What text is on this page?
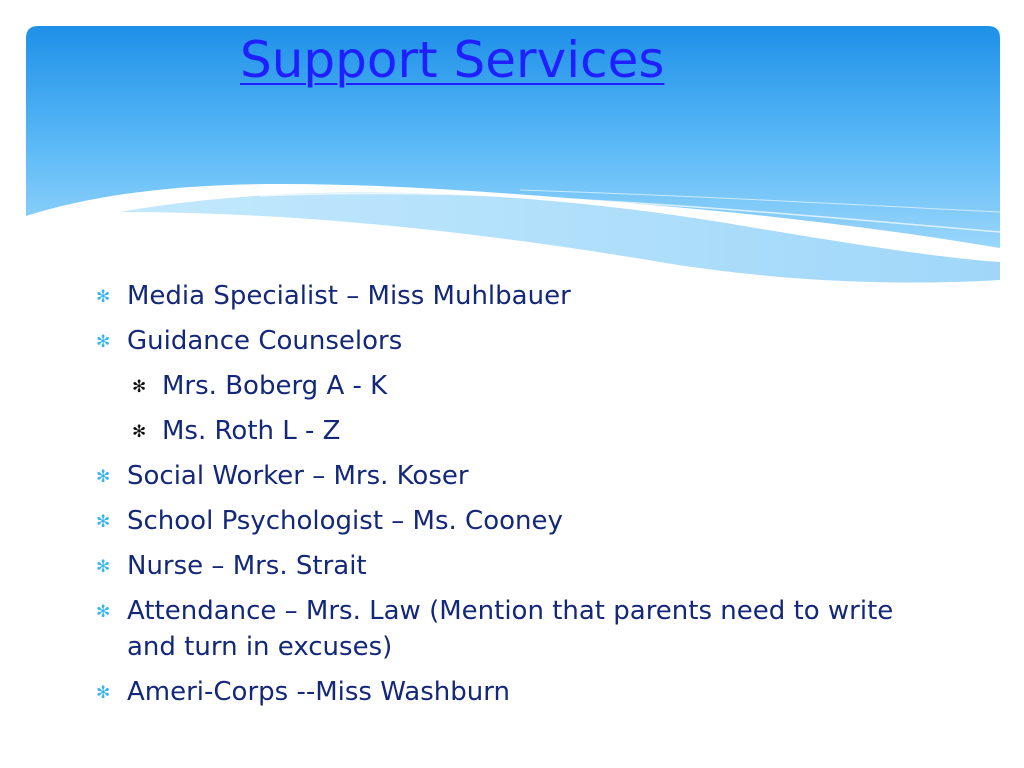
Support Services
✻ Media Specialist – Miss Muhlbauer
✻ Guidance Counselors
✻ Mrs. Boberg A - K
✻ Ms. Roth L - Z
✻ Social Worker – Mrs. Koser
✻ School Psychologist – Ms. Cooney
✻ Nurse – Mrs. Strait
✻ Attendance – Mrs. Law (Mention that parents need to write and turn in excuses)
✻ Ameri-Corps --Miss Washburn
